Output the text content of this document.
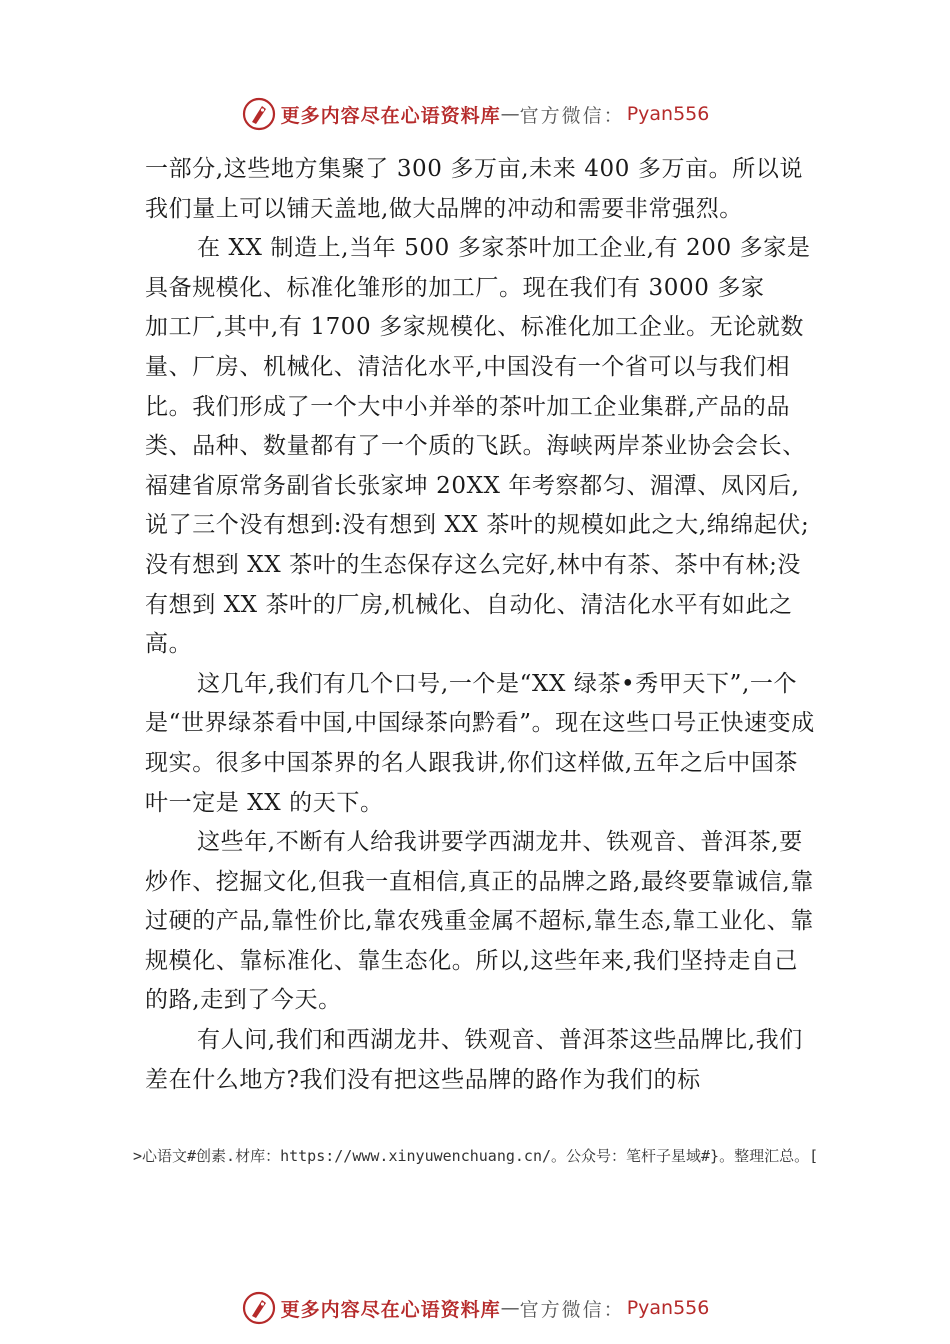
更多内容尽在心语资料库 — 官方微信： Pyan556

一部分,这些地方集聚了 300 多万亩,未来 400 多万亩。所以说我们量上可以铺天盖地,做大品牌的冲动和需要非常强烈。

在 XX 制造上,当年 500 多家茶叶加工企业,有 200 多家是具备规模化、标准化雏形的加工厂。现在我们有 3000 多家

加工厂,其中,有 1700 多家规模化、标准化加工企业。无论就数量、厂房、机械化、清洁化水平,中国没有一个省可以与我们相比。我们形成了一个大中小并举的茶叶加工企业集群,产品的品类、品种、数量都有了一个质的飞跃。海峡两岸茶业协会会长、福建省原常务副省长张家坤 20XX 年考察都匀、湄潭、凤冈后,说了三个没有想到:没有想到 XX 茶叶的规模如此之大,绵绵起伏;没有想到 XX 茶叶的生态保存这么完好,林中有茶、茶中有林;没有想到 XX 茶叶的厂房,机械化、自动化、清洁化水平有如此之高。

这几年,我们有几个口号,一个是“XX 绿茶•秀甲天下”,一个是“世界绿茶看中国,中国绿茶向黔看”。现在这些口号正快速变成现实。很多中国茶界的名人跟我讲,你们这样做,五年之后中国茶叶一定是 XX 的天下。

这些年,不断有人给我讲要学西湖龙井、铁观音、普洱茶,要炒作、挖掘文化,但我一直相信,真正的品牌之路,最终要靠诚信,靠过硬的产品,靠性价比,靠农残重金属不超标,靠生态,靠工业化、靠规模化、靠标准化、靠生态化。所以,这些年来,我们坚持走自己的路,走到了今天。

有人问,我们和西湖龙井、铁观音、普洱茶这些品牌比,我们差在什么地方?我们没有把这些品牌的路作为我们的标

>心语文#创素.材库：https://www.xinyuwenchuang.cn/。公众号：笔杆子星域#}。整理汇总。[
更多内容尽在心语资料库 — 官方微信： Pyan556
